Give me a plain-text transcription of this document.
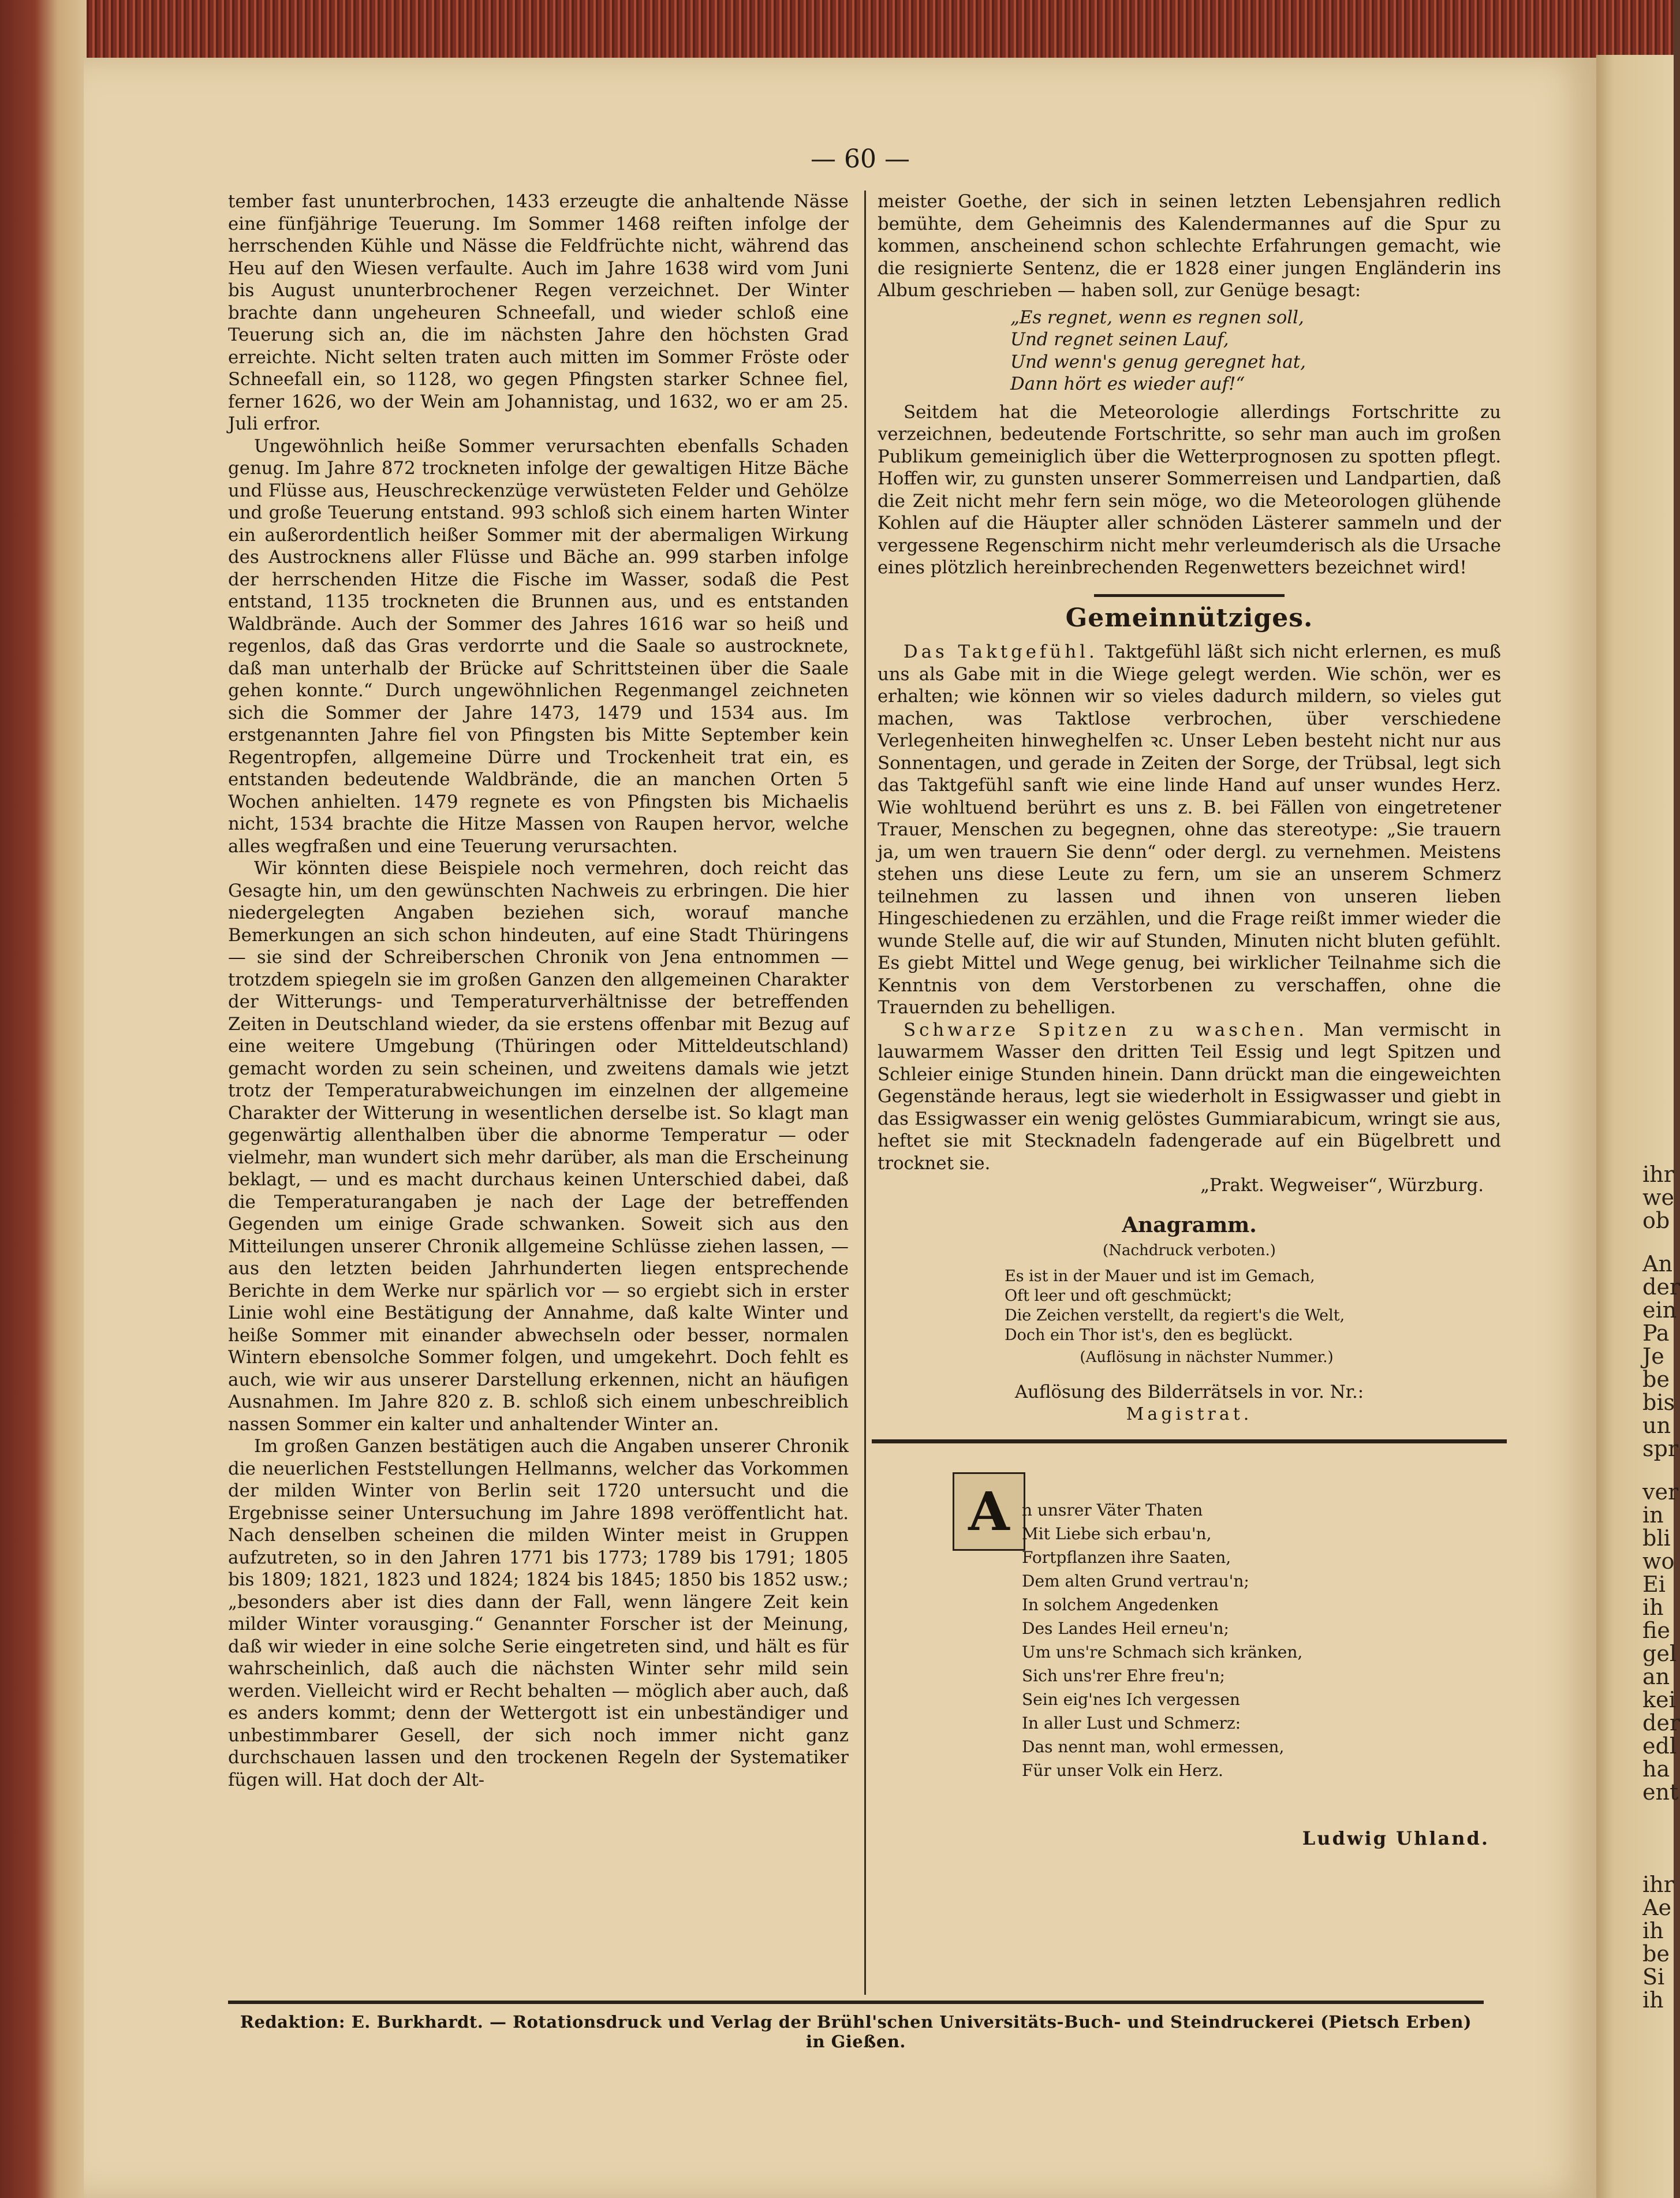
ihr
we
ob
An
der
ein
Pa
Je
be
bis
un
spr
ver
in
bli
wo
Ei
ih
fie
gel
an
kei
der
edl
ha
ent
ihr
Ae
ih
be
Si
ih
— 60 —

tember fast ununterbrochen, 1433 erzeugte die anhaltende Nässe eine fünfjährige Teuerung. Im Sommer 1468 reiften infolge der herrschenden Kühle und Nässe die Feldfrüchte nicht, während das Heu auf den Wiesen verfaulte. Auch im Jahre 1638 wird vom Juni bis August ununterbrochener Regen verzeichnet. Der Winter brachte dann ungeheuren Schneefall, und wieder schloß eine Teuerung sich an, die im nächsten Jahre den höchsten Grad erreichte. Nicht selten traten auch mitten im Sommer Fröste oder Schneefall ein, so 1128, wo gegen Pfingsten starker Schnee fiel, ferner 1626, wo der Wein am Johannistag, und 1632, wo er am 25. Juli erfror.

Ungewöhnlich heiße Sommer verursachten ebenfalls Schaden genug. Im Jahre 872 trockneten infolge der gewaltigen Hitze Bäche und Flüsse aus, Heuschreckenzüge verwüsteten Felder und Gehölze und große Teuerung entstand. 993 schloß sich einem harten Winter ein außerordentlich heißer Sommer mit der abermaligen Wirkung des Austrocknens aller Flüsse und Bäche an. 999 starben infolge der herrschenden Hitze die Fische im Wasser, sodaß die Pest entstand, 1135 trockneten die Brunnen aus, und es entstanden Waldbrände. Auch der Sommer des Jahres 1616 war so heiß und regenlos, daß das Gras verdorrte und die Saale so austrocknete, daß man unterhalb der Brücke auf Schrittsteinen über die Saale gehen konnte.“ Durch ungewöhnlichen Regenmangel zeichneten sich die Sommer der Jahre 1473, 1479 und 1534 aus. Im erstgenannten Jahre fiel von Pfingsten bis Mitte September kein Regentropfen, allgemeine Dürre und Trockenheit trat ein, es entstanden bedeutende Waldbrände, die an manchen Orten 5 Wochen anhielten. 1479 regnete es von Pfingsten bis Michaelis nicht, 1534 brachte die Hitze Massen von Raupen hervor, welche alles wegfraßen und eine Teuerung verursachten.

Wir könnten diese Beispiele noch vermehren, doch reicht das Gesagte hin, um den gewünschten Nachweis zu erbringen. Die hier niedergelegten Angaben beziehen sich, worauf manche Bemerkungen an sich schon hindeuten, auf eine Stadt Thüringens — sie sind der Schreiberschen Chronik von Jena entnommen — trotzdem spiegeln sie im großen Ganzen den allgemeinen Charakter der Witterungs- und Temperaturverhältnisse der betreffenden Zeiten in Deutschland wieder, da sie erstens offenbar mit Bezug auf eine weitere Umgebung (Thüringen oder Mitteldeutschland) gemacht worden zu sein scheinen, und zweitens damals wie jetzt trotz der Temperaturabweichungen im einzelnen der allgemeine Charakter der Witterung in wesentlichen derselbe ist. So klagt man gegenwärtig allenthalben über die abnorme Temperatur — oder vielmehr, man wundert sich mehr darüber, als man die Erscheinung beklagt, — und es macht durchaus keinen Unterschied dabei, daß die Temperaturangaben je nach der Lage der betreffenden Gegenden um einige Grade schwanken. Soweit sich aus den Mitteilungen unserer Chronik allgemeine Schlüsse ziehen lassen, — aus den letzten beiden Jahrhunderten liegen entsprechende Berichte in dem Werke nur spärlich vor — so ergiebt sich in erster Linie wohl eine Bestätigung der Annahme, daß kalte Winter und heiße Sommer mit einander abwechseln oder besser, normalen Wintern ebensolche Sommer folgen, und umgekehrt. Doch fehlt es auch, wie wir aus unserer Darstellung erkennen, nicht an häufigen Ausnahmen. Im Jahre 820 z. B. schloß sich einem unbeschreiblich nassen Sommer ein kalter und anhaltender Winter an.

Im großen Ganzen bestätigen auch die Angaben unserer Chronik die neuerlichen Feststellungen Hellmanns, welcher das Vorkommen der milden Winter von Berlin seit 1720 untersucht und die Ergebnisse seiner Untersuchung im Jahre 1898 veröffentlicht hat. Nach denselben scheinen die milden Winter meist in Gruppen aufzutreten, so in den Jahren 1771 bis 1773; 1789 bis 1791; 1805 bis 1809; 1821, 1823 und 1824; 1824 bis 1845; 1850 bis 1852 usw.; „besonders aber ist dies dann der Fall, wenn längere Zeit kein milder Winter vorausging.“ Genannter Forscher ist der Meinung, daß wir wieder in eine solche Serie eingetreten sind, und hält es für wahrscheinlich, daß auch die nächsten Winter sehr mild sein werden. Vielleicht wird er Recht behalten — möglich aber auch, daß es anders kommt; denn der Wettergott ist ein unbeständiger und unbestimmbarer Gesell, der sich noch immer nicht ganz durchschauen lassen und den trockenen Regeln der Systematiker fügen will. Hat doch der Alt-

meister Goethe, der sich in seinen letzten Lebensjahren redlich bemühte, dem Geheimnis des Kalendermannes auf die Spur zu kommen, anscheinend schon schlechte Erfahrungen gemacht, wie die resignierte Sentenz, die er 1828 einer jungen Engländerin ins Album geschrieben — haben soll, zur Genüge besagt:

„Es regnet, wenn es regnen soll,
Und regnet seinen Lauf,
Und wenn's genug geregnet hat,
Dann hört es wieder auf!“

Seitdem hat die Meteorologie allerdings Fortschritte zu verzeichnen, bedeutende Fortschritte, so sehr man auch im großen Publikum gemeiniglich über die Wetterprognosen zu spotten pflegt. Hoffen wir, zu gunsten unserer Sommerreisen und Landpartien, daß die Zeit nicht mehr fern sein möge, wo die Meteorologen glühende Kohlen auf die Häupter aller schnöden Lästerer sammeln und der vergessene Regenschirm nicht mehr verleumderisch als die Ursache eines plötzlich hereinbrechenden Regenwetters bezeichnet wird!

Gemeinnütziges.

Das Taktgefühl. Taktgefühl läßt sich nicht erlernen, es muß uns als Gabe mit in die Wiege gelegt werden. Wie schön, wer es erhalten; wie können wir so vieles dadurch mildern, so vieles gut machen, was Taktlose verbrochen, über verschiedene Verlegenheiten hinweghelfen ꝛc. Unser Leben besteht nicht nur aus Sonnentagen, und gerade in Zeiten der Sorge, der Trübsal, legt sich das Taktgefühl sanft wie eine linde Hand auf unser wundes Herz. Wie wohltuend berührt es uns z. B. bei Fällen von eingetretener Trauer, Menschen zu begegnen, ohne das stereotype: „Sie trauern ja, um wen trauern Sie denn“ oder dergl. zu vernehmen. Meistens stehen uns diese Leute zu fern, um sie an unserem Schmerz teilnehmen zu lassen und ihnen von unseren lieben Hingeschiedenen zu erzählen, und die Frage reißt immer wieder die wunde Stelle auf, die wir auf Stunden, Minuten nicht bluten gefühlt. Es giebt Mittel und Wege genug, bei wirklicher Teilnahme sich die Kenntnis von dem Verstorbenen zu verschaffen, ohne die Trauernden zu behelligen.

Schwarze Spitzen zu waschen. Man vermischt in lauwarmem Wasser den dritten Teil Essig und legt Spitzen und Schleier einige Stunden hinein. Dann drückt man die eingeweichten Gegenstände heraus, legt sie wiederholt in Essigwasser und giebt in das Essigwasser ein wenig gelöstes Gummiarabicum, wringt sie aus, heftet sie mit Stecknadeln fadengerade auf ein Bügelbrett und trocknet sie.

„Prakt. Wegweiser“, Würzburg.
Anagramm.
(Nachdruck verboten.)
Es ist in der Mauer und ist im Gemach,
Oft leer und oft geschmückt;
Die Zeichen verstellt, da regiert's die Welt,
Doch ein Thor ist's, den es beglückt.
(Auflösung in nächster Nummer.)
Auflösung des Bilderrätsels in vor. Nr.:
Magistrat.
A n unsrer Väter Thaten
Mit Liebe sich erbau'n,
Fortpflanzen ihre Saaten,
Dem alten Grund vertrau'n;
In solchem Angedenken
Des Landes Heil erneu'n;
Um uns're Schmach sich kränken,
Sich uns'rer Ehre freu'n;
Sein eig'nes Ich vergessen
In aller Lust und Schmerz:
Das nennt man, wohl ermessen,
Für unser Volk ein Herz.
Ludwig Uhland.
Redaktion: E. Burkhardt. — Rotationsdruck und Verlag der Brühl'schen Universitäts-Buch- und Steindruckerei (Pietsch Erben) in Gießen.
